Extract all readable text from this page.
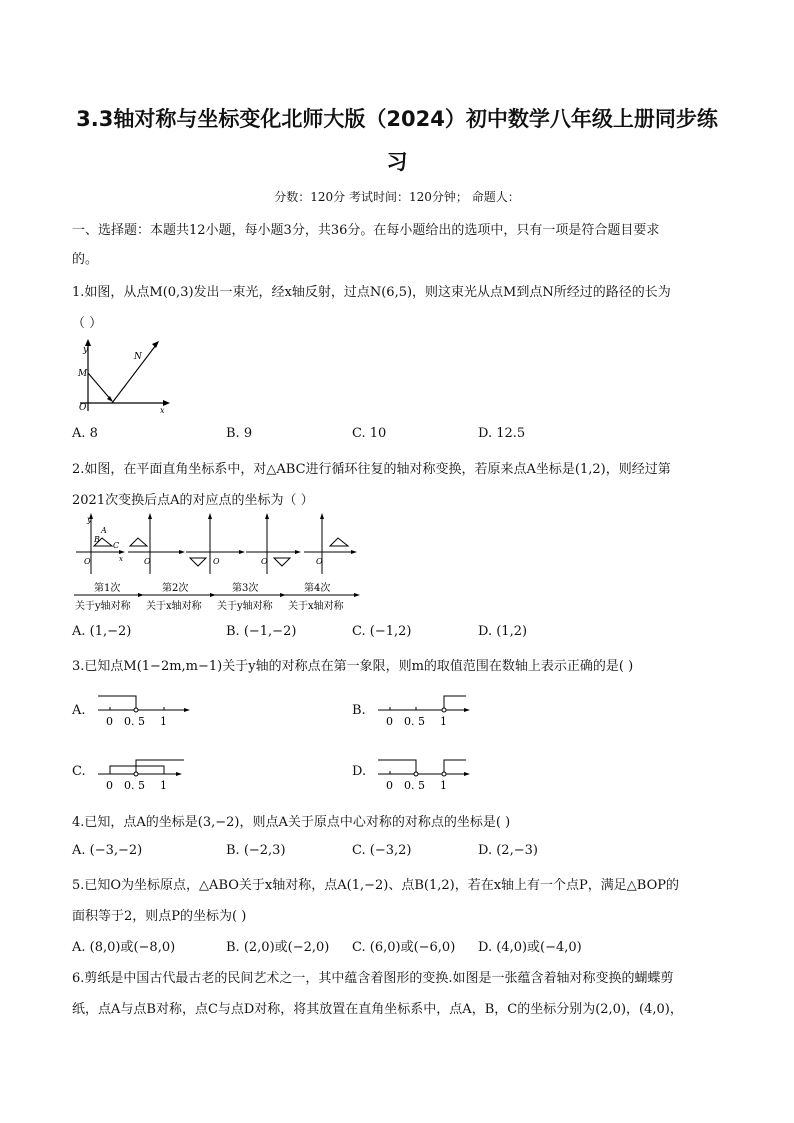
3.3轴对称与坐标变化北师大版（2024）初中数学八年级上册同步练
习
分数：120分 考试时间：120分钟； 命题人：
一、选择题：本题共12小题，每小题3分，共36分。在每小题给出的选项中，只有一项是符合题目要求
的。
1.如图，从点M(0,3)发出一束光，经x轴反射，过点N(6,5)，则这束光从点M到点N所经过的路径的长为
（ ）
y
M
N
O	x
A. 8	B. 9	C. 10	D. 12.5
2.如图，在平面直角坐标系中，对△ABC进行循环往复的轴对称变换，若原来点A坐标是(1,2)，则经过第
2021次变换后点A的对应点的坐标为（ ）
y
A
B
C
O	x	O	O	O	O
第1次	第2次	第3次	第4次
关于y轴对称 关于x轴对称 关于y轴对称 关于x轴对称
A. (1,−2)	B. (−1,−2)	C. (−1,2)	D. (1,2)
3.已知点M(1−2m,m−1)关于y轴的对称点在第一象限，则m的取值范围在数轴上表示正确的是( )
A.
0 0. 5 1
B.
0 0. 5 1
C.
0 0. 5 1
D.
0 0. 5 1
4.已知，点A的坐标是(3,−2)，则点A关于原点中心对称的对称点的坐标是( )
A. (−3,−2)	B. (−2,3)	C. (−3,2)	D. (2,−3)
5.已知O为坐标原点，△ABO关于x轴对称，点A(1,−2)、点B(1,2)，若在x轴上有一个点P，满足△BOP的
面积等于2，则点P的坐标为( )
A. (8,0)或(−8,0)	B. (2,0)或(−2,0) C. (6,0)或(−6,0) D. (4,0)或(−4,0)
6.剪纸是中国古代最古老的民间艺术之一，其中蕴含着图形的变换.如图是一张蕴含着轴对称变换的蝴蝶剪
纸，点A与点B对称，点C与点D对称，将其放置在直角坐标系中，点A，B，C的坐标分别为(2,0)，(4,0)，
